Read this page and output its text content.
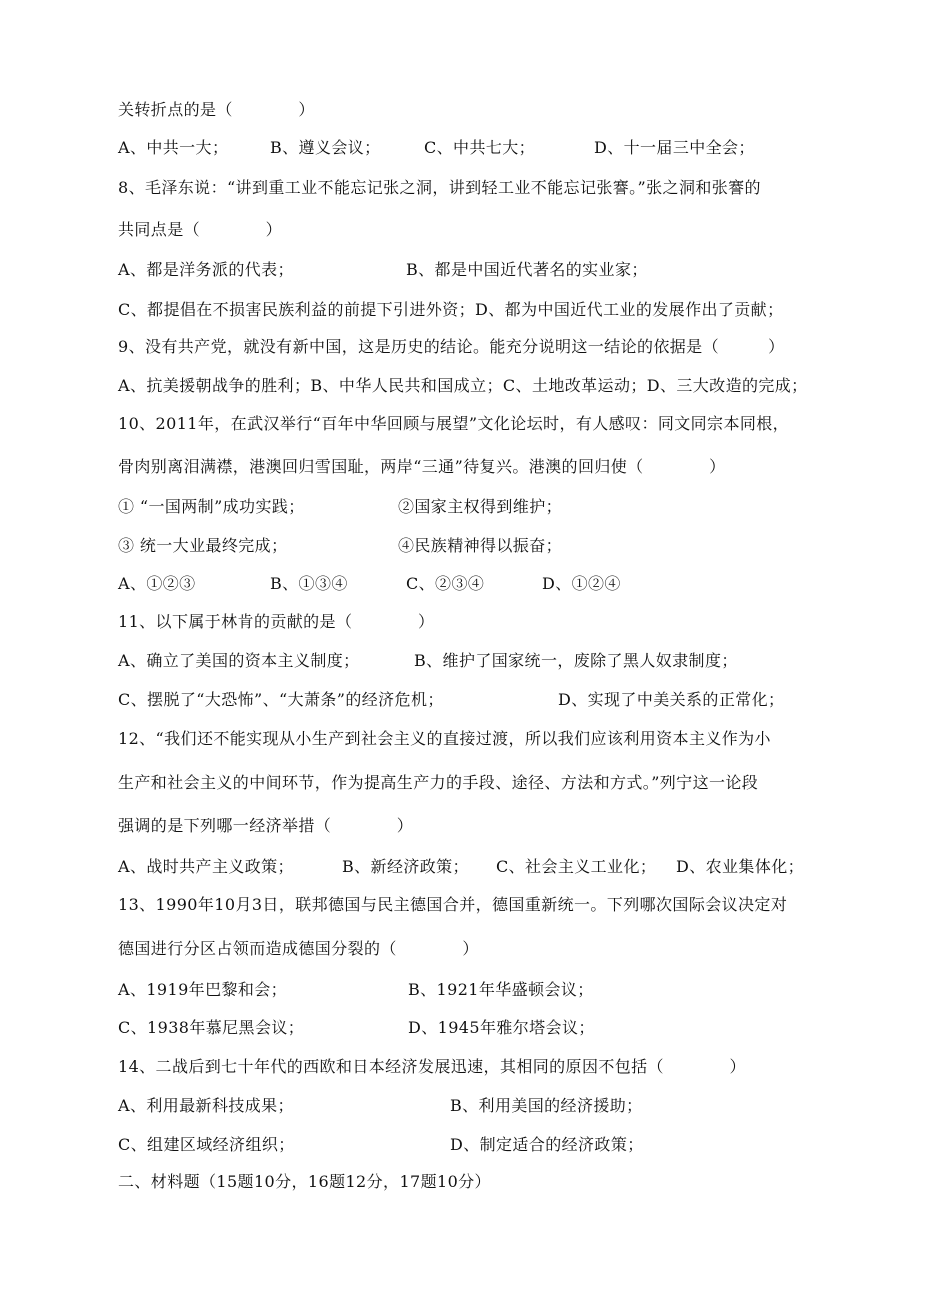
关转折点的是（　　　　）
A、中共一大；	B、遵义会议；	C、中共七大；	D、十一届三中全会；
8、毛泽东说：“讲到重工业不能忘记张之洞，讲到轻工业不能忘记张謇。”张之洞和张謇的
共同点是（　　　　）
A、都是洋务派的代表；	B、都是中国近代著名的实业家；
C、都提倡在不损害民族利益的前提下引进外资；D、都为中国近代工业的发展作出了贡献；
9、没有共产党，就没有新中国，这是历史的结论。能充分说明这一结论的依据是（　　　）
A、抗美援朝战争的胜利；B、中华人民共和国成立；C、土地改革运动；D、三大改造的完成；
10、2011年，在武汉举行“百年中华回顾与展望”文化论坛时，有人感叹：同文同宗本同根，
骨肉别离泪满襟，港澳回归雪国耻，两岸“三通”待复兴。港澳的回归使（　　　　）
① “一国两制”成功实践；	②国家主权得到维护；
③ 统一大业最终完成；	④民族精神得以振奋；
A、①②③	B、①③④	C、②③④	D、①②④
11、以下属于林肯的贡献的是（　　　　）
A、确立了美国的资本主义制度；	B、维护了国家统一，废除了黑人奴隶制度；
C、摆脱了“大恐怖”、“大萧条”的经济危机；	D、实现了中美关系的正常化；
12、“我们还不能实现从小生产到社会主义的直接过渡，所以我们应该利用资本主义作为小
生产和社会主义的中间环节，作为提高生产力的手段、途径、方法和方式。”列宁这一论段
强调的是下列哪一经济举措（　　　　）
A、战时共产主义政策；	B、新经济政策； C、社会主义工业化； D、农业集体化；
13、1990年10月3日，联邦德国与民主德国合并，德国重新统一。下列哪次国际会议决定对
德国进行分区占领而造成德国分裂的（　　　　）
A、1919年巴黎和会；	B、1921年华盛顿会议；
C、1938年慕尼黑会议；	D、1945年雅尔塔会议；
14、二战后到七十年代的西欧和日本经济发展迅速，其相同的原因不包括（　　　　）
A、利用最新科技成果；	B、利用美国的经济援助；
C、组建区域经济组织；	D、制定适合的经济政策；
二、材料题（15题10分，16题12分，17题10分）
